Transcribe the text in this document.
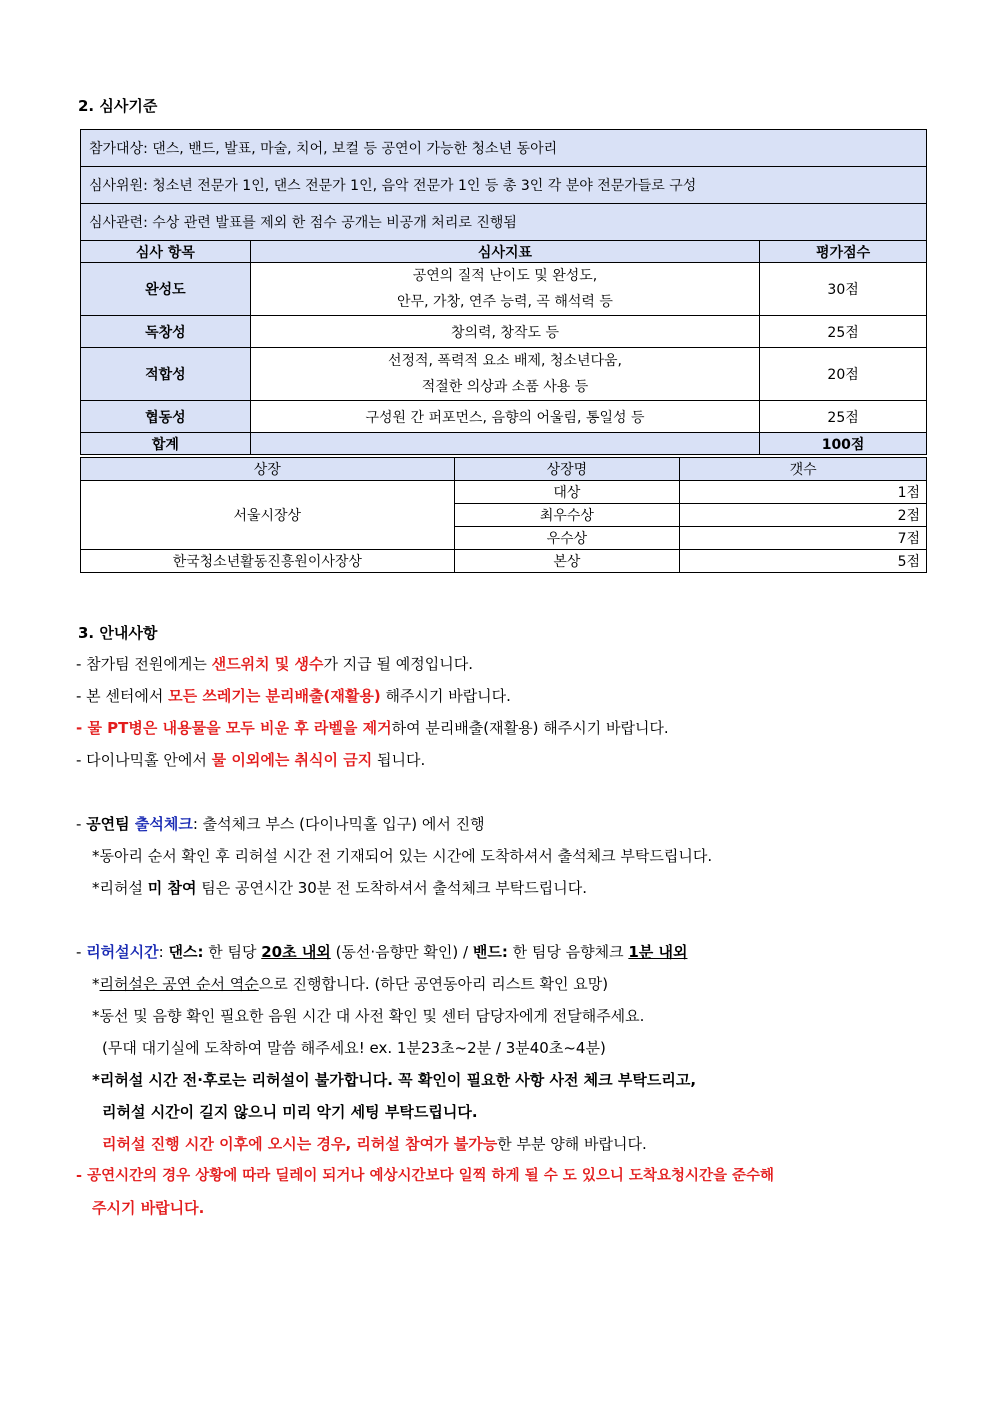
2. 심사기준
참가대상: 댄스, 밴드, 발표, 마술, 치어, 보컬 등 공연이 가능한 청소년 동아리		
심사위원: 청소년 전문가 1인, 댄스 전문가 1인, 음악 전문가 1인 등 총 3인 각 분야 전문가들로 구성		
심사관련: 수상 관련 발표를 제외 한 점수 공개는 비공개 처리로 진행됨		
심사 항목	심사지표	평가점수
완성도	공연의 질적 난이도 및 완성도,
안무, 가창, 연주 능력, 곡 해석력 등	30점
독창성	창의력, 창작도 등	25점
적합성	선정적, 폭력적 요소 배제, 청소년다움,
적절한 의상과 소품 사용 등	20점
협동성	구성원 간 퍼포먼스, 음향의 어울림, 통일성 등	25점
합계		100점
상장	상장명	갯수
서울시장상	대상	1점
	최우수상	2점
	우수상	7점
한국청소년활동진흥원이사장상	본상	5점
3. 안내사항

- 참가팀 전원에게는 샌드위치 및 생수가 지급 될 예정입니다.

- 본 센터에서 모든 쓰레기는 분리배출(재활용) 해주시기 바랍니다.

- 물 PT병은 내용물을 모두 비운 후 라벨을 제거하여 분리배출(재활용) 해주시기 바랍니다.

- 다이나믹홀 안에서 물 이외에는 취식이 금지 됩니다.

- 공연팀 출석체크: 출석체크 부스 (다이나믹홀 입구) 에서 진행

*동아리 순서 확인 후 리허설 시간 전 기재되어 있는 시간에 도착하셔서 출석체크 부탁드립니다.

*리허설 미 참여 팀은 공연시간 30분 전 도착하셔서 출석체크 부탁드립니다.

- 리허설시간: 댄스: 한 팀당 20초 내외 (동선·음향만 확인) / 밴드: 한 팀당 음향체크 1분 내외

*리허설은 공연 순서 역순으로 진행합니다. (하단 공연동아리 리스트 확인 요망)

*동선 및 음향 확인 필요한 음원 시간 대 사전 확인 및 센터 담당자에게 전달해주세요.

(무대 대기실에 도착하여 말씀 해주세요! ex. 1분23초~2분 / 3분40초~4분)

*리허설 시간 전·후로는 리허설이 불가합니다. 꼭 확인이 필요한 사항 사전 체크 부탁드리고,

리허설 시간이 길지 않으니 미리 악기 세팅 부탁드립니다.

리허설 진행 시간 이후에 오시는 경우, 리허설 참여가 불가능한 부분 양해 바랍니다.

- 공연시간의 경우 상황에 따라 딜레이 되거나 예상시간보다 일찍 하게 될 수 도 있으니 도착요청시간을 준수해

주시기 바랍니다.
